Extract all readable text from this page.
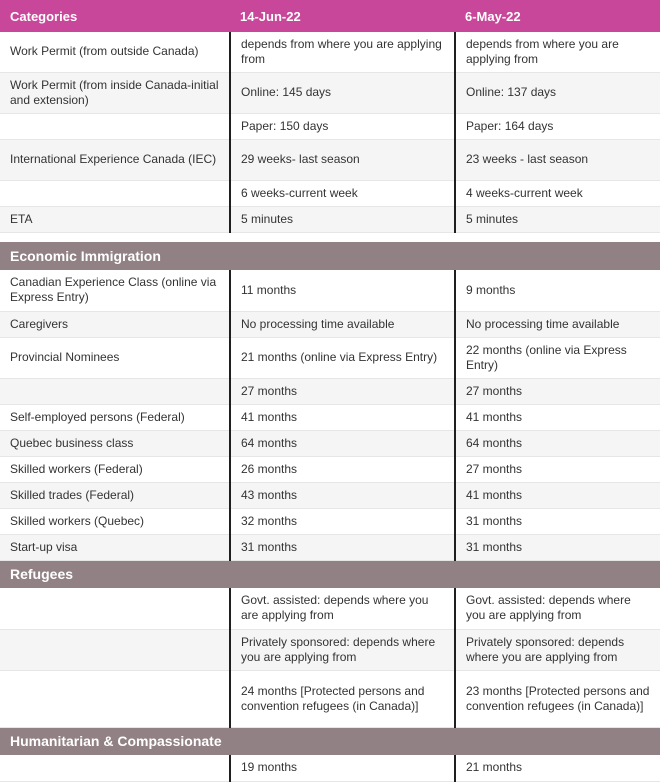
Categories	14-Jun-22	6-May-22
Work Permit (from outside Canada)	depends from where you are applying from	depends from where you are applying from
Work Permit (from inside Canada-initial and extension)	Online: 145 days	Online: 137 days
	Paper: 150 days	Paper: 164 days
International Experience Canada (IEC)	29 weeks- last season	23 weeks - last season
	6 weeks-current week	4 weeks-current week
ETA	5 minutes	5 minutes

Economic Immigration		
Canadian Experience Class (online via Express Entry)	11 months	9 months
Caregivers	No processing time available	No processing time available
Provincial Nominees	21 months (online via Express Entry)	22 months (online via Express Entry)
	27 months	27 months
Self-employed persons (Federal)	41 months	41 months
Quebec business class	64 months	64 months
Skilled workers (Federal)	26 months	27 months
Skilled trades (Federal)	43 months	41 months
Skilled workers (Quebec)	32 months	31 months
Start-up visa	31 months	31 months
Refugees		
	Govt. assisted: depends where you are applying from	Govt. assisted: depends where you are applying from
	Privately sponsored: depends where you are applying from	Privately sponsored: depends where you are applying from
	24 months [Protected persons and convention refugees (in Canada)]	23 months [Protected persons and convention refugees (in Canada)]
Humanitarian & Compassionate		
	19 months	21 months
